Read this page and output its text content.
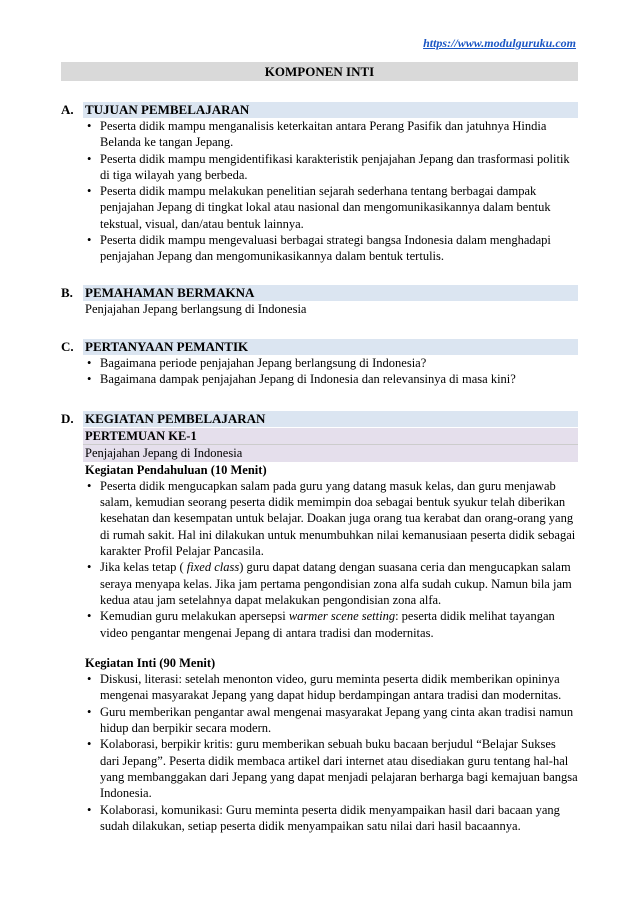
https://www.modulguruku.com
KOMPONEN INTI
A. TUJUAN PEMBELAJARAN
• Peserta didik mampu menganalisis keterkaitan antara Perang Pasifik dan jatuhnya Hindia Belanda ke tangan Jepang.
• Peserta didik mampu mengidentifikasi karakteristik penjajahan Jepang dan trasformasi politik di tiga wilayah yang berbeda.
• Peserta didik mampu melakukan penelitian sejarah sederhana tentang berbagai dampak penjajahan Jepang di tingkat lokal atau nasional dan mengomunikasikannya dalam bentuk tekstual, visual, dan/atau bentuk lainnya.
• Peserta didik mampu mengevaluasi berbagai strategi bangsa Indonesia dalam menghadapi penjajahan Jepang dan mengomunikasikannya dalam bentuk tertulis.
B. PEMAHAMAN BERMAKNA
Penjajahan Jepang berlangsung di Indonesia
C. PERTANYAAN PEMANTIK
• Bagaimana periode penjajahan Jepang berlangsung di Indonesia?
• Bagaimana dampak penjajahan Jepang di Indonesia dan relevansinya di masa kini?
D. KEGIATAN PEMBELAJARAN
PERTEMUAN KE-1
Penjajahan Jepang di Indonesia
Kegiatan Pendahuluan (10 Menit)
• Peserta didik mengucapkan salam pada guru yang datang masuk kelas, dan guru menjawab salam, kemudian seorang peserta didik memimpin doa sebagai bentuk syukur telah diberikan kesehatan dan kesempatan untuk belajar. Doakan juga orang tua kerabat dan orang-orang yang di rumah sakit. Hal ini dilakukan untuk menumbuhkan nilai kemanusiaan peserta didik sebagai karakter Profil Pelajar Pancasila.
• Jika kelas tetap ( fixed class) guru dapat datang dengan suasana ceria dan mengucapkan salam seraya menyapa kelas. Jika jam pertama pengondisian zona alfa sudah cukup. Namun bila jam kedua atau jam setelahnya dapat melakukan pengondisian zona alfa.
• Kemudian guru melakukan apersepsi warmer scene setting: peserta didik melihat tayangan video pengantar mengenai Jepang di antara tradisi dan modernitas.
Kegiatan Inti (90 Menit)
• Diskusi, literasi: setelah menonton video, guru meminta peserta didik memberikan opininya mengenai masyarakat Jepang yang dapat hidup berdampingan antara tradisi dan modernitas.
• Guru memberikan pengantar awal mengenai masyarakat Jepang yang cinta akan tradisi namun hidup dan berpikir secara modern.
• Kolaborasi, berpikir kritis: guru memberikan sebuah buku bacaan berjudul “Belajar Sukses dari Jepang”. Peserta didik membaca artikel dari internet atau disediakan guru tentang hal-hal yang membanggakan dari Jepang yang dapat menjadi pelajaran berharga bagi kemajuan bangsa Indonesia.
• Kolaborasi, komunikasi: Guru meminta peserta didik menyampaikan hasil dari bacaan yang sudah dilakukan, setiap peserta didik menyampaikan satu nilai dari hasil bacaannya.
